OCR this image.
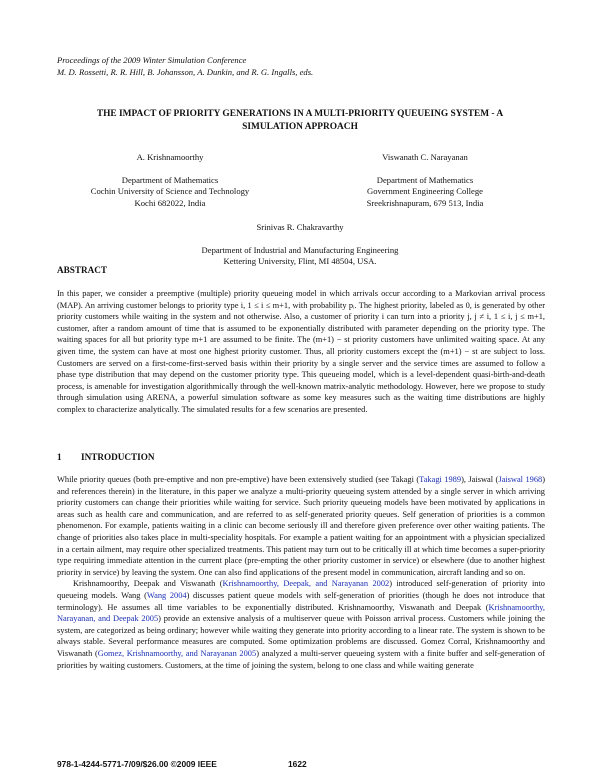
Proceedings of the 2009 Winter Simulation Conference
M. D. Rossetti, R. R. Hill, B. Johansson, A. Dunkin, and R. G. Ingalls, eds.
THE IMPACT OF PRIORITY GENERATIONS IN A MULTI-PRIORITY QUEUEING SYSTEM - A
SIMULATION APPROACH
A. Krishnamoorthy
Department of Mathematics
Cochin University of Science and Technology
Kochi 682022, India
Viswanath C. Narayanan
Department of Mathematics
Government Engineering College
Sreekrishnapuram, 679 513, India
Srinivas R. Chakravarthy
Department of Industrial and Manufacturing Engineering
Kettering University, Flint, MI 48504, USA.
ABSTRACT

In this paper, we consider a preemptive (multiple) priority queueing model in which arrivals occur according to a Markovian arrival process (MAP). An arriving customer belongs to priority type i, 1 ≤ i ≤ m+1, with probability pᵢ. The highest priority, labeled as 0, is generated by other priority customers while waiting in the system and not otherwise. Also, a customer of priority i can turn into a priority j, j ≠ i, 1 ≤ i, j ≤ m+1, customer, after a random amount of time that is assumed to be exponentially distributed with parameter depending on the priority type. The waiting spaces for all but priority type m+1 are assumed to be finite. The (m+1) − st priority customers have unlimited waiting space. At any given time, the system can have at most one highest priority customer. Thus, all priority customers except the (m+1) − st are subject to loss. Customers are served on a first-come-first-served basis within their priority by a single server and the service times are assumed to follow a phase type distribution that may depend on the customer priority type. This queueing model, which is a level-dependent quasi-birth-and-death process, is amenable for investigation algorithmically through the well-known matrix-analytic methodology. However, here we propose to study through simulation using ARENA, a powerful simulation software as some key measures such as the waiting time distributions are highly complex to characterize analytically. The simulated results for a few scenarios are presented.

1 INTRODUCTION

While priority queues (both pre-emptive and non pre-emptive) have been extensively studied (see Takagi (Takagi 1989), Jaiswal (Jaiswal 1968) and references therein) in the literature, in this paper we analyze a multi-priority queueing system attended by a single server in which arriving priority customers can change their priorities while waiting for service. Such priority queueing models have been motivated by applications in areas such as health care and communication, and are referred to as self-generated priority queues. Self generation of priorities is a common phenomenon. For example, patients waiting in a clinic can become seriously ill and therefore given preference over other waiting patients. The change of priorities also takes place in multi-speciality hospitals. For example a patient waiting for an appointment with a physician specialized in a certain ailment, may require other specialized treatments. This patient may turn out to be critically ill at which time becomes a super-priority type requiring immediate attention in the current place (pre-empting the other priority customer in service) or elsewhere (due to another highest priority in service) by leaving the system. One can also find applications of the present model in communication, aircraft landing and so on.

Krishnamoorthy, Deepak and Viswanath (Krishnamoorthy, Deepak, and Narayanan 2002) introduced self-generation of priority into queueing models. Wang (Wang 2004) discusses patient queue models with self-generation of priorities (though he does not introduce that terminology). He assumes all time variables to be exponentially distributed. Krishnamoorthy, Viswanath and Deepak (Krishnamoorthy, Narayanan, and Deepak 2005) provide an extensive analysis of a multiserver queue with Poisson arrival process. Customers while joining the system, are categorized as being ordinary; however while waiting they generate into priority according to a linear rate. The system is shown to be always stable. Several performance measures are computed. Some optimization problems are discussed. Gomez Corral, Krishnamoorthy and Viswanath (Gomez, Krishnamoorthy, and Narayanan 2005) analyzed a multi-server queueing system with a finite buffer and self-generation of priorities by waiting customers. Customers, at the time of joining the system, belong to one class and while waiting generate

978-1-4244-5771-7/09/$26.00 ©2009 IEEE	1622
